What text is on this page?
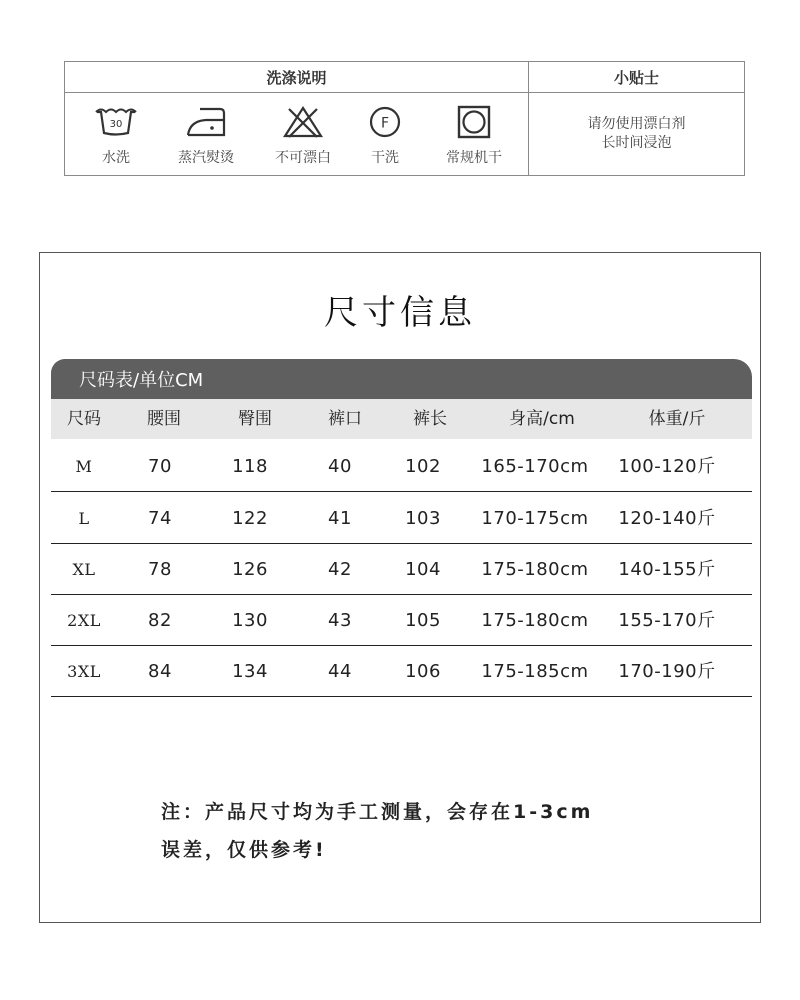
洗涤说明	小贴士
30
水洗	蒸汽熨烫	不可漂白
F
干洗	常规机干
请勿使用漂白剂
长时间浸泡
尺寸信息
尺码表/单位CM
尺码	腰围	臀围	裤口	裤长	身高/cm	体重/斤
M	70	118	40	102 165-170cm 100-120斤
L	74	122	41	103 170-175cm 120-140斤
XL	78	126	42	104 175-180cm 140-155斤
2XL	82	130	43	105 175-180cm 155-170斤
3XL	84	134	44	106 175-185cm 170-190斤
注：产品尺寸均为手工测量，会存在1-3cm
误差，仅供参考!
